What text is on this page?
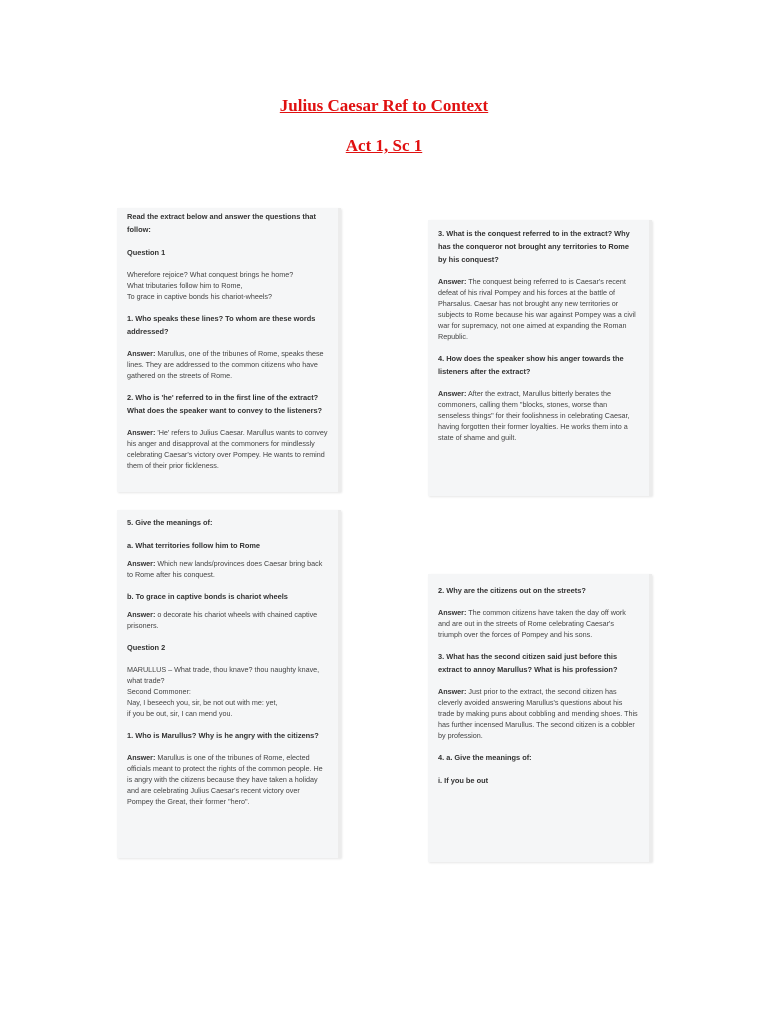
Julius Caesar Ref to Context
Act 1, Sc 1

Read the extract below and answer the questions that follow:

Question 1

Wherefore rejoice? What conquest brings he home?
What tributaries follow him to Rome,
To grace in captive bonds his chariot-wheels?

1. Who speaks these lines? To whom are these words addressed?

Answer: Marullus, one of the tribunes of Rome, speaks these lines. They are addressed to the common citizens who have gathered on the streets of Rome.

2. Who is 'he' referred to in the first line of the extract? What does the speaker want to convey to the listeners?

Answer: 'He' refers to Julius Caesar. Marullus wants to convey his anger and disapproval at the commoners for mindlessly celebrating Caesar's victory over Pompey. He wants to remind them of their prior fickleness.

3. What is the conquest referred to in the extract? Why has the conqueror not brought any territories to Rome by his conquest?

Answer: The conquest being referred to is Caesar's recent defeat of his rival Pompey and his forces at the battle of Pharsalus. Caesar has not brought any new territories or subjects to Rome because his war against Pompey was a civil war for supremacy, not one aimed at expanding the Roman Republic.

4. How does the speaker show his anger towards the listeners after the extract?

Answer: After the extract, Marullus bitterly berates the commoners, calling them "blocks, stones, worse than senseless things" for their foolishness in celebrating Caesar, having forgotten their former loyalties. He works them into a state of shame and guilt.

5. Give the meanings of:

a. What territories follow him to Rome

Answer: Which new lands/provinces does Caesar bring back to Rome after his conquest.

b. To grace in captive bonds is chariot wheels

Answer: o decorate his chariot wheels with chained captive prisoners.

Question 2

MARULLUS – What trade, thou knave? thou naughty knave, what trade?
Second Commoner:
Nay, I beseech you, sir, be not out with me: yet,
if you be out, sir, I can mend you.

1. Who is Marullus? Why is he angry with the citizens?

Answer: Marullus is one of the tribunes of Rome, elected officials meant to protect the rights of the common people. He is angry with the citizens because they have taken a holiday and are celebrating Julius Caesar's recent victory over Pompey the Great, their former "hero".

2. Why are the citizens out on the streets?

Answer: The common citizens have taken the day off work and are out in the streets of Rome celebrating Caesar's triumph over the forces of Pompey and his sons.

3. What has the second citizen said just before this extract to annoy Marullus? What is his profession?

Answer: Just prior to the extract, the second citizen has cleverly avoided answering Marullus's questions about his trade by making puns about cobbling and mending shoes. This has further incensed Marullus. The second citizen is a cobbler by profession.

4. a. Give the meanings of:

i. If you be out
